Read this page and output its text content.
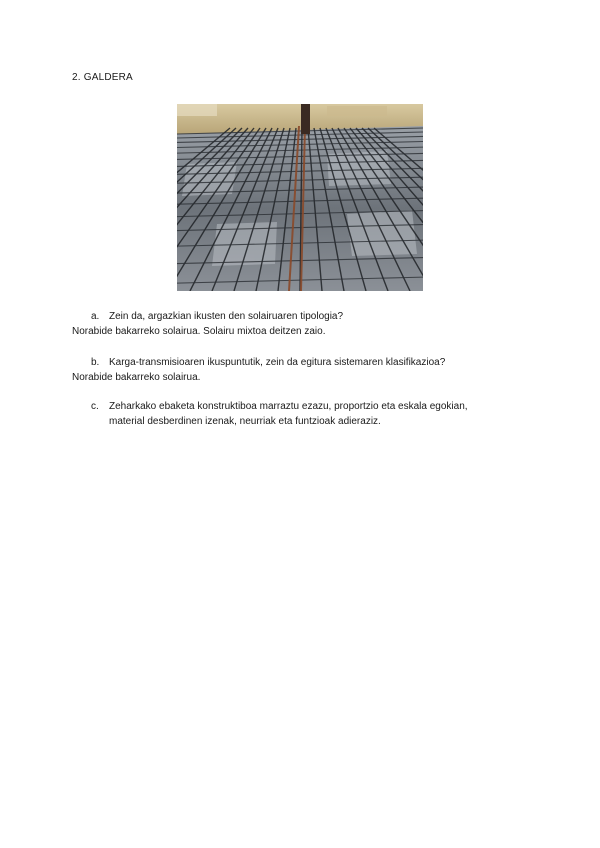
2. GALDERA
a. Zein da, argazkian ikusten den solairuaren tipologia?
Norabide bakarreko solairua. Solairu mixtoa deitzen zaio.
b. Karga-transmisioaren ikuspuntutik, zein da egitura sistemaren klasifikazioa?
Norabide bakarreko solairua.
c. Zeharkako ebaketa konstruktiboa marraztu ezazu, proportzio eta eskala egokian,
material desberdinen izenak, neurriak eta funtzioak adieraziz.
